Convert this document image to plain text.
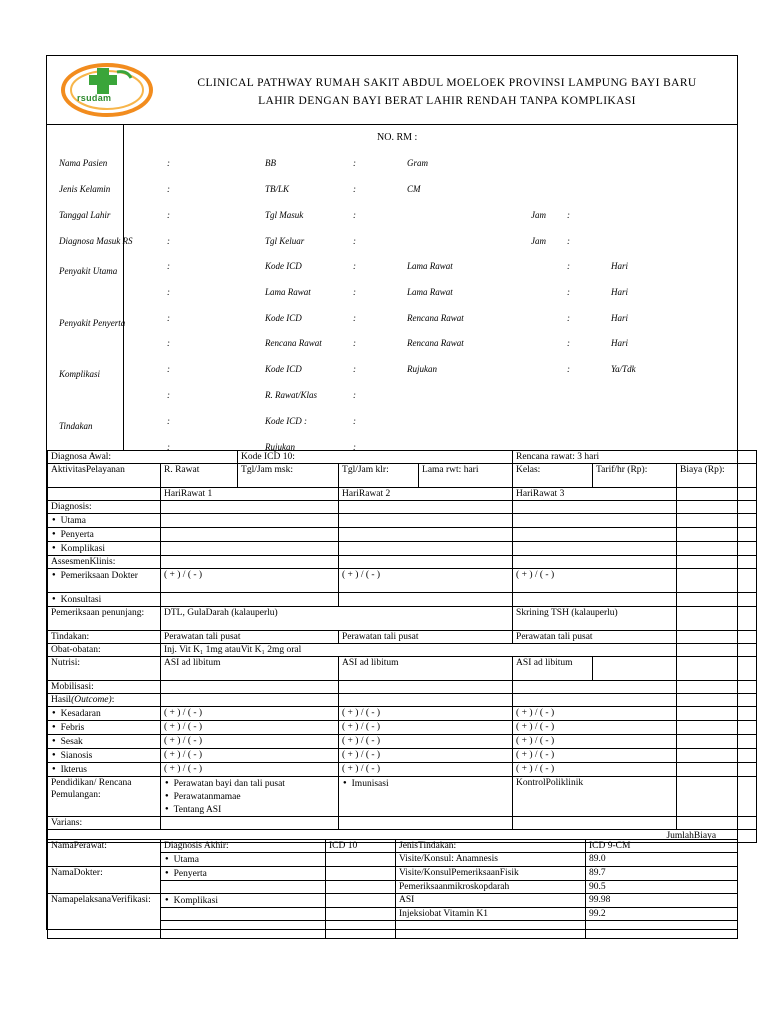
rsudam
CLINICAL PATHWAY RUMAH SAKIT ABDUL MOELOEK PROVINSI LAMPUNG BAYI BARU
LAHIR DENGAN BAYI BERAT LAHIR RENDAH TANPA KOMPLIKASI
NO. RM :
Nama Pasien	:	BB	:	Gram
Jenis Kelamin	:	TB/LK	:	CM
Tanggal Lahir	:	Tgl Masuk	:	Jam :
Diagnosa Masuk RS	:	Tgl Keluar	:	Jam :
Penyakit Utama	:	Kode ICD	:	Lama Rawat	:	Hari
:	Lama Rawat	:	Lama Rawat	:	Hari
Penyakit Penyerta	:	Kode ICD	:	Rencana Rawat	:	Hari
:	Rencana Rawat	:	Rencana Rawat	:	Hari
Komplikasi	:	Kode ICD	:	Rujukan	:	Ya/Tdk
:	R. Rawat/Klas	:
Tindakan	:	Kode ICD :	:
:	Rujukan	:
Diagnosa Awal:		Kode ICD 10:			Rencana rawat: 3 hari		
AktivitasPelayanan	R. Rawat	Tgl/Jam msk:	Tgl/Jam klr:	Lama rwt: hari	Kelas:	Tarif/hr (Rp):	Biaya (Rp):
	HariRawat 1		HariRawat 2		HariRawat 3		
Diagnosis:							
● Utama				
● Penyerta				
● Komplikasi				
AssesmenKlinis:							
● Pemeriksaan Dokter	( + ) / ( - )		( + ) / ( - )		( + ) / ( - )		
● Konsultasi				
Pemeriksaan penunjang:	DTL, GulaDarah (kalauperlu)				Skrining TSH (kalauperlu)		
Tindakan:	Perawatan tali pusat		Perawatan tali pusat		Perawatan tali pusat		
Obat-obatan:	Inj. Vit K₁ 1mg atauVit K₁ 2mg oral						
Nutrisi:	ASI ad libitum		ASI ad libitum		ASI ad libitum		
Mobilisasi:							
Hasil(Outcome):							
● Kesadaran	( + ) / ( - )		( + ) / ( - )		( + ) / ( - )		
● Febris	( + ) / ( - )		( + ) / ( - )		( + ) / ( - )		
● Sesak	( + ) / ( - )		( + ) / ( - )		( + ) / ( - )		
● Sianosis	( + ) / ( - )		( + ) / ( - )		( + ) / ( - )		
● Ikterus	( + ) / ( - )		( + ) / ( - )		( + ) / ( - )		
Pendidikan/ Rencana Pemulangan:	● Perawatan bayi dan tali pusat
● Perawatanmamae
● Tentang ASI		● Imunisasi		KontrolPoliklinik		
Varians:							
						JumlahBiaya	
NamaPerawat:	Diagnosis Akhir:	ICD 10	JenisTindakan:	ICD 9-CM
	● Utama		Visite/Konsul: Anamnesis	89.0
NamaDokter:	● Penyerta		Visite/KonsulPemeriksaanFisik	89.7
			Pemeriksaanmikroskopdarah	90.5
NamapelaksanaVerifikasi:	● Komplikasi		ASI	99.98
			Injeksiobat Vitamin K1	99.2
